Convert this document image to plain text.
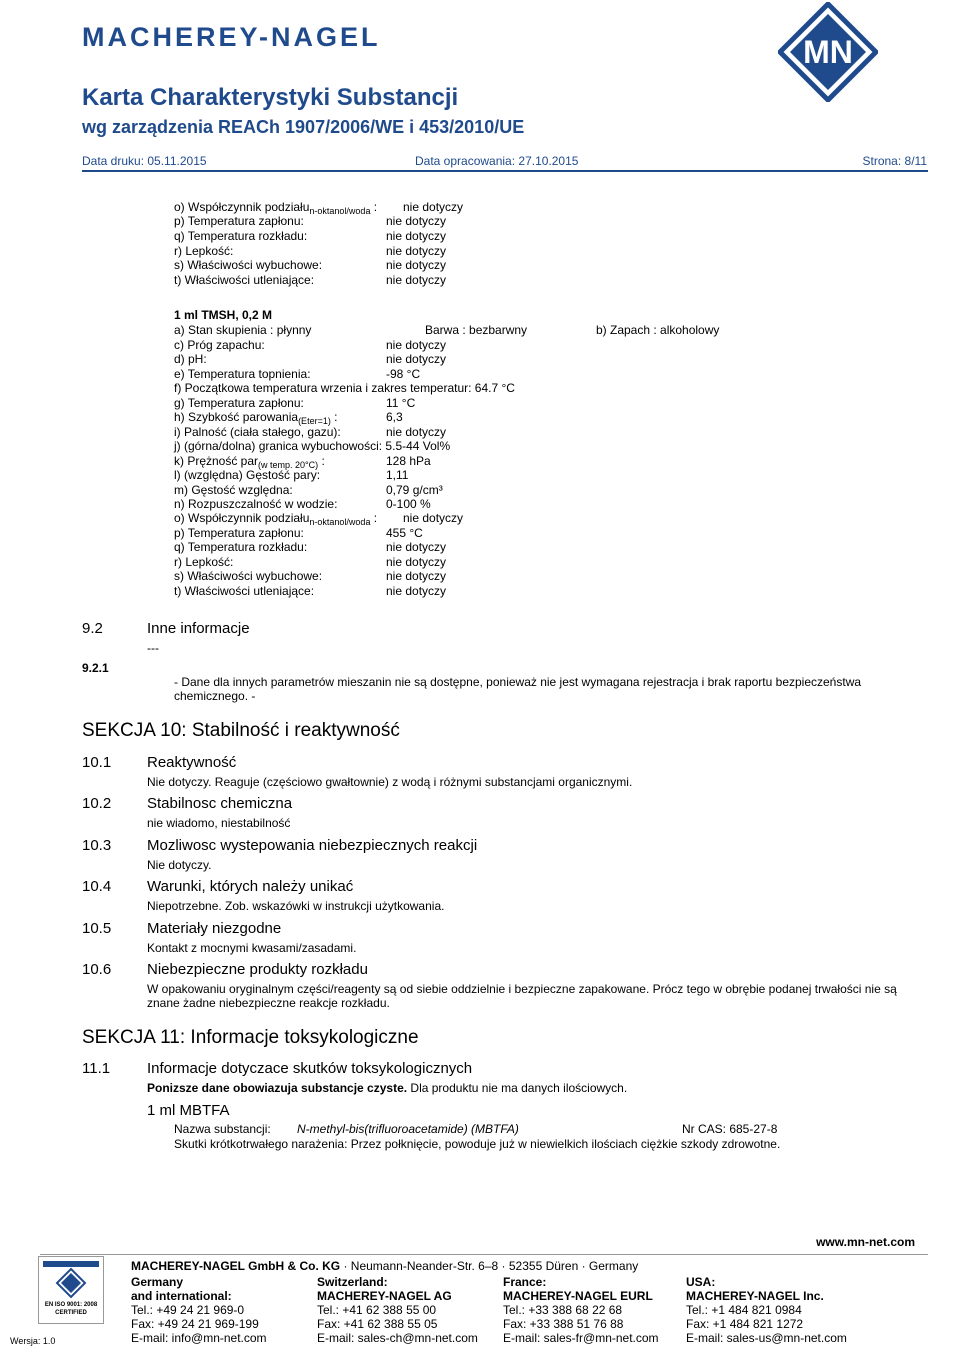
MACHEREY-NAGEL	MN
Karta Charakterystyki Substancji
wg zarządzenia REACh 1907/2006/WE i 453/2010/UE
Data druku: 05.11.2015	Data opracowania: 27.10.2015	Strona: 8/11
o) Współczynnik podziału$_{n-oktanol/woda}$ : nie dotyczy
p) Temperatura zapłonu:	nie dotyczy
q) Temperatura rozkładu:	nie dotyczy
r) Lepkość:	nie dotyczy
s) Właściwości wybuchowe:	nie dotyczy
t) Właściwości utleniające:	nie dotyczy
1 ml TMSH, 0,2 M
a) Stan skupienia : płynny	Barwa : bezbarwny	b) Zapach : alkoholowy
c) Próg zapachu:	nie dotyczy
d) pH:	nie dotyczy
e) Temperatura topnienia:	-98 °C
f) Początkowa temperatura wrzenia i zakres temperatur: 64.7 °C
g) Temperatura zapłonu:	11 °C
h) Szybkość parowania$_{(Eter=1)}$ :	6,3
i) Palność (ciała stałego, gazu):	nie dotyczy
j) (górna/dolna) granica wybuchowości: 5.5-44 Vol%
k) Prężność par$_{(w temp. 20^\circ C)}$ :	128 hPa
l) (względna) Gęstość pary:	1,11
m) Gęstość względna:	0,79 g/cm³
n) Rozpuszczalność w wodzie:	0-100 %
o) Współczynnik podziału$_{n-oktanol/woda}$ : nie dotyczy
p) Temperatura zapłonu:	455 °C
q) Temperatura rozkładu:	nie dotyczy
r) Lepkość:	nie dotyczy
s) Właściwości wybuchowe:	nie dotyczy
t) Właściwości utleniające:	nie dotyczy
9.2	Inne informacje
---
9.2.1
- Dane dla innych parametrów mieszanin nie są dostępne, ponieważ nie jest wymagana rejestracja i brak raportu bezpieczeństwa chemicznego. -
SEKCJA 10: Stabilność i reaktywność
10.1 Reaktywność
Nie dotyczy. Reaguje (częściowo gwałtownie) z wodą i różnymi substancjami organicznymi.
10.2 Stabilnosc chemiczna
nie wiadomo, niestabilność
10.3 Mozliwosc wystepowania niebezpiecznych reakcji
Nie dotyczy.
10.4 Warunki, których należy unikać
Niepotrzebne. Zob. wskazówki w instrukcji użytkowania.
10.5 Materiały niezgodne
Kontakt z mocnymi kwasami/zasadami.
10.6 Niebezpieczne produkty rozkładu
W opakowaniu oryginalnym części/reagenty są od siebie oddzielnie i bezpieczne zapakowane. Prócz tego w obrębie podanej trwałości nie są znane żadne niebezpieczne reakcje rozkładu.
SEKCJA 11: Informacje toksykologiczne
11.1 Informacje dotyczace skutków toksykologicznych
Ponizsze dane obowiazuja substancje czyste. Dla produktu nie ma danych ilościowych.
1 ml MBTFA
Nazwa substancji: N-methyl-bis(trifluoroacetamide) (MBTFA)	Nr CAS: 685-27-8
Skutki krótkotrwałego narażenia: Przez połknięcie, powoduje już w niewielkich ilościach ciężkie szkody zdrowotne.
www.mn-net.com
EN ISO 9001: 2008
CERTIFIED
Wersja: 1.0
MACHEREY-NAGEL GmbH & Co. KG · Neumann-Neander-Str. 6–8 · 52355 Düren · Germany
Germany
and international:
Tel.: +49 24 21 969-0
Fax: +49 24 21 969-199
E-mail: info@mn-net.com
Switzerland:
MACHEREY-NAGEL AG
Tel.: +41 62 388 55 00
Fax: +41 62 388 55 05
E-mail: sales-ch@mn-net.com
France:
MACHEREY-NAGEL EURL
Tel.: +33 388 68 22 68
Fax: +33 388 51 76 88
E-mail: sales-fr@mn-net.com
USA:
MACHEREY-NAGEL Inc.
Tel.: +1 484 821 0984
Fax: +1 484 821 1272
E-mail: sales-us@mn-net.com
